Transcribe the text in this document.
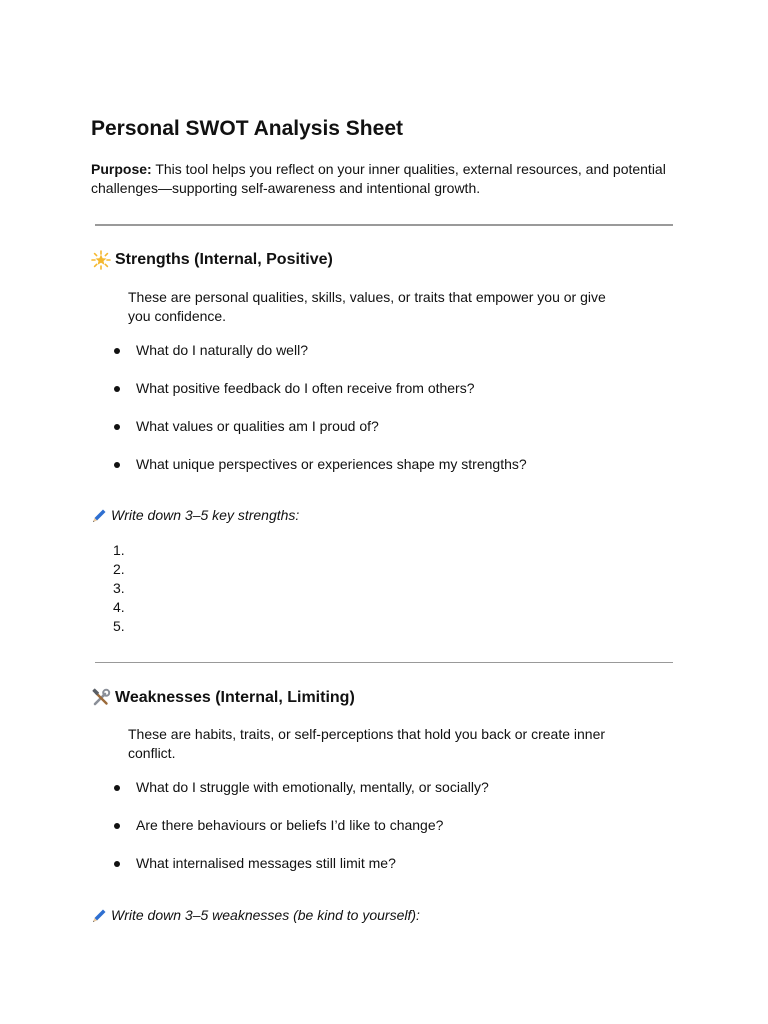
Personal SWOT Analysis Sheet

Purpose: This tool helps you reflect on your inner qualities, external resources, and potential challenges—supporting self-awareness and intentional growth.

Strengths (Internal, Positive)

These are personal qualities, skills, values, or traits that empower you or give you confidence.

What do I naturally do well?
What positive feedback do I often receive from others?
What values or qualities am I proud of?
What unique perspectives or experiences shape my strengths?

Write down 3–5 key strengths:

1.
2.
3.
4.
5.
Weaknesses (Internal, Limiting)

These are habits, traits, or self-perceptions that hold you back or create inner conflict.

What do I struggle with emotionally, mentally, or socially?
Are there behaviours or beliefs I’d like to change?
What internalised messages still limit me?

Write down 3–5 weaknesses (be kind to yourself):
